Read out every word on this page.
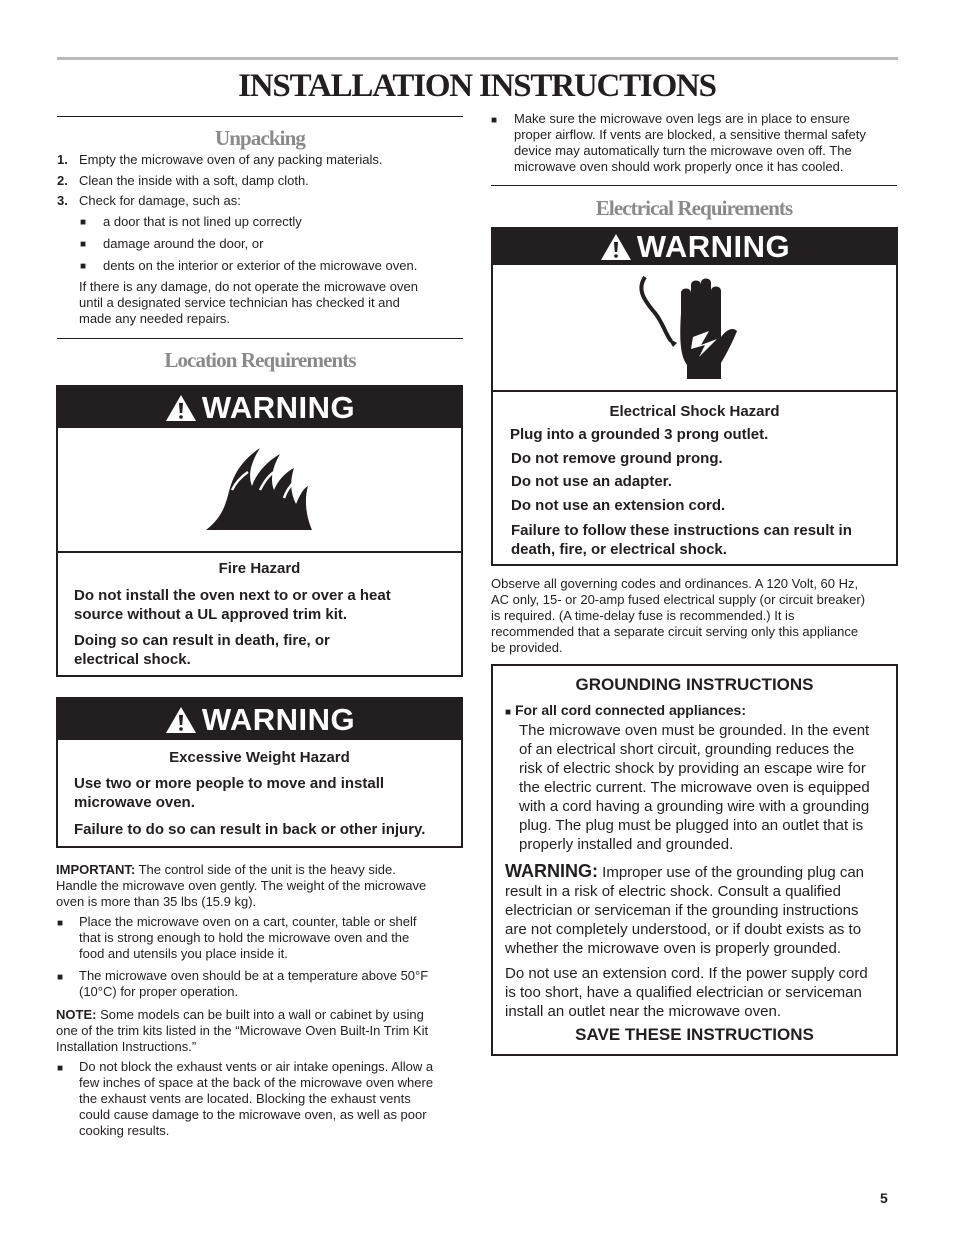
INSTALLATION INSTRUCTIONS
Unpacking
1. Empty the microwave oven of any packing materials.
2. Clean the inside with a soft, damp cloth.
3. Check for damage, such as:
■ a door that is not lined up correctly
■ damage around the door, or
■ dents on the interior or exterior of the microwave oven.
If there is any damage, do not operate the microwave oven
until a designated service technician has checked it and
made any needed repairs.
Location Requirements
WARNING
Fire Hazard
Do not install the oven next to or over a heat
source without a UL approved trim kit.
Doing so can result in death, fire, or
electrical shock.
WARNING
Excessive Weight Hazard
Use two or more people to move and install
microwave oven.
Failure to do so can result in back or other injury.
IMPORTANT: The control side of the unit is the heavy side.
Handle the microwave oven gently. The weight of the microwave
oven is more than 35 lbs (15.9 kg).
■ Place the microwave oven on a cart, counter, table or shelf
that is strong enough to hold the microwave oven and the
food and utensils you place inside it.
■ The microwave oven should be at a temperature above 50°F
(10°C) for proper operation.
NOTE: Some models can be built into a wall or cabinet by using
one of the trim kits listed in the “Microwave Oven Built-In Trim Kit
Installation Instructions.”
■ Do not block the exhaust vents or air intake openings. Allow a
few inches of space at the back of the microwave oven where
the exhaust vents are located. Blocking the exhaust vents
could cause damage to the microwave oven, as well as poor
cooking results.
■ Make sure the microwave oven legs are in place to ensure
proper airflow. If vents are blocked, a sensitive thermal safety
device may automatically turn the microwave oven off. The
microwave oven should work properly once it has cooled.
Electrical Requirements
WARNING
Electrical Shock Hazard
Plug into a grounded 3 prong outlet.
Do not remove ground prong.
Do not use an adapter.
Do not use an extension cord.
Failure to follow these instructions can result in
death, fire, or electrical shock.
Observe all governing codes and ordinances. A 120 Volt, 60 Hz,
AC only, 15- or 20-amp fused electrical supply (or circuit breaker)
is required. (A time-delay fuse is recommended.) It is
recommended that a separate circuit serving only this appliance
be provided.
GROUNDING INSTRUCTIONS
■ For all cord connected appliances:
The microwave oven must be grounded. In the event
of an electrical short circuit, grounding reduces the
risk of electric shock by providing an escape wire for
the electric current. The microwave oven is equipped
with a cord having a grounding wire with a grounding
plug. The plug must be plugged into an outlet that is
properly installed and grounded.
WARNING: Improper use of the grounding plug can
result in a risk of electric shock. Consult a qualified
electrician or serviceman if the grounding instructions
are not completely understood, or if doubt exists as to
whether the microwave oven is properly grounded.
Do not use an extension cord. If the power supply cord
is too short, have a qualified electrician or serviceman
install an outlet near the microwave oven.
SAVE THESE INSTRUCTIONS
5
